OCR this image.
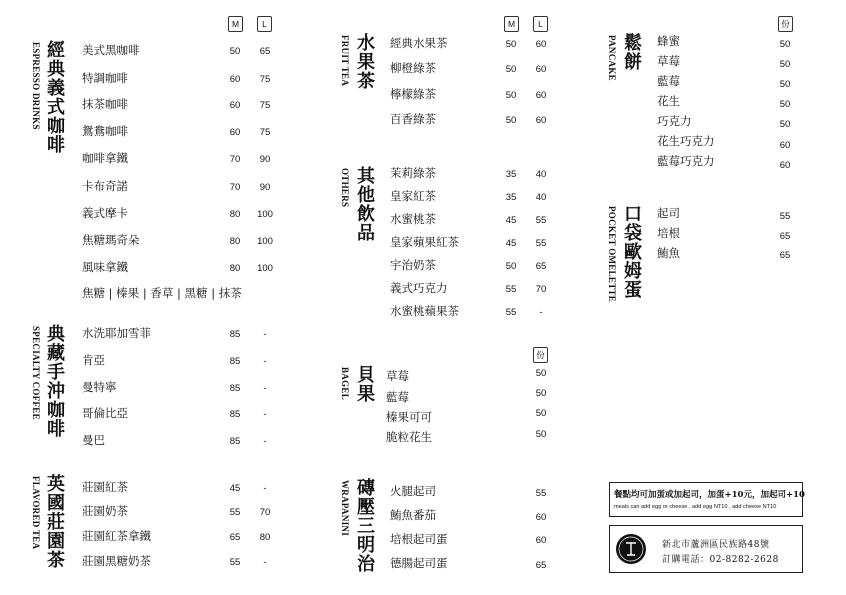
M	L
經典義式咖啡
ESPRESSO DRINKS	美式黑咖啡	50	65
特調咖啡	60	75
抹茶咖啡	60	75
鴛鴦咖啡	60	75
咖啡拿鐵	70	90
卡布奇諾	70	90
義式摩卡	80	100
焦糖瑪奇朵	80	100
風味拿鐵	80	100
焦糖 | 榛果 | 香草 | 黑糖 | 抹茶
典藏手沖咖啡
SPECIALTY COFFEE	水洗耶加雪菲	85	-
肯亞	85	-
曼特寧	85	-
哥倫比亞	85	-
曼巴	85	-
英國莊園茶
FLAVORED TEA	莊園紅茶	45	-
莊園奶茶	55	70
莊園紅茶拿鐵	65	80
莊園黑糖奶茶	55	-
M	L
水果茶
FRUIT TEA	經典水果茶	50	60
柳橙綠茶	50	60
檸檬綠茶	50	60
百香綠茶	50	60
其他飲品
OTHERS	茉莉綠茶	35	40
皇家紅茶	35	40
水蜜桃茶	45	55
皇家蘋果紅茶	45	55
宇治奶茶	50	65
義式巧克力	55	70
水蜜桃蘋果茶	55	-
份
貝果
BAGEL	草莓	50
藍莓	50
榛果可可	50
脆粒花生	50
磚壓三明治
WRAPANINI	火腿起司	55
鮪魚番茄	60
培根起司蛋	60
德腸起司蛋	65
份
鬆餅
PANCAKE	蜂蜜	50
草莓	50
藍莓	50
花生	50
巧克力	50
花生巧克力	60
藍莓巧克力	60
口袋歐姆蛋
POCKET OMELETTE	起司	55
培根	65
鮪魚	65
餐點均可加蛋或加起司，加蛋+10元，加起司+10
meals can add egg or cheese , add egg NT10 , add cheese NT10
新北市蘆洲區民族路48號
訂購電話：02-8282-2628
